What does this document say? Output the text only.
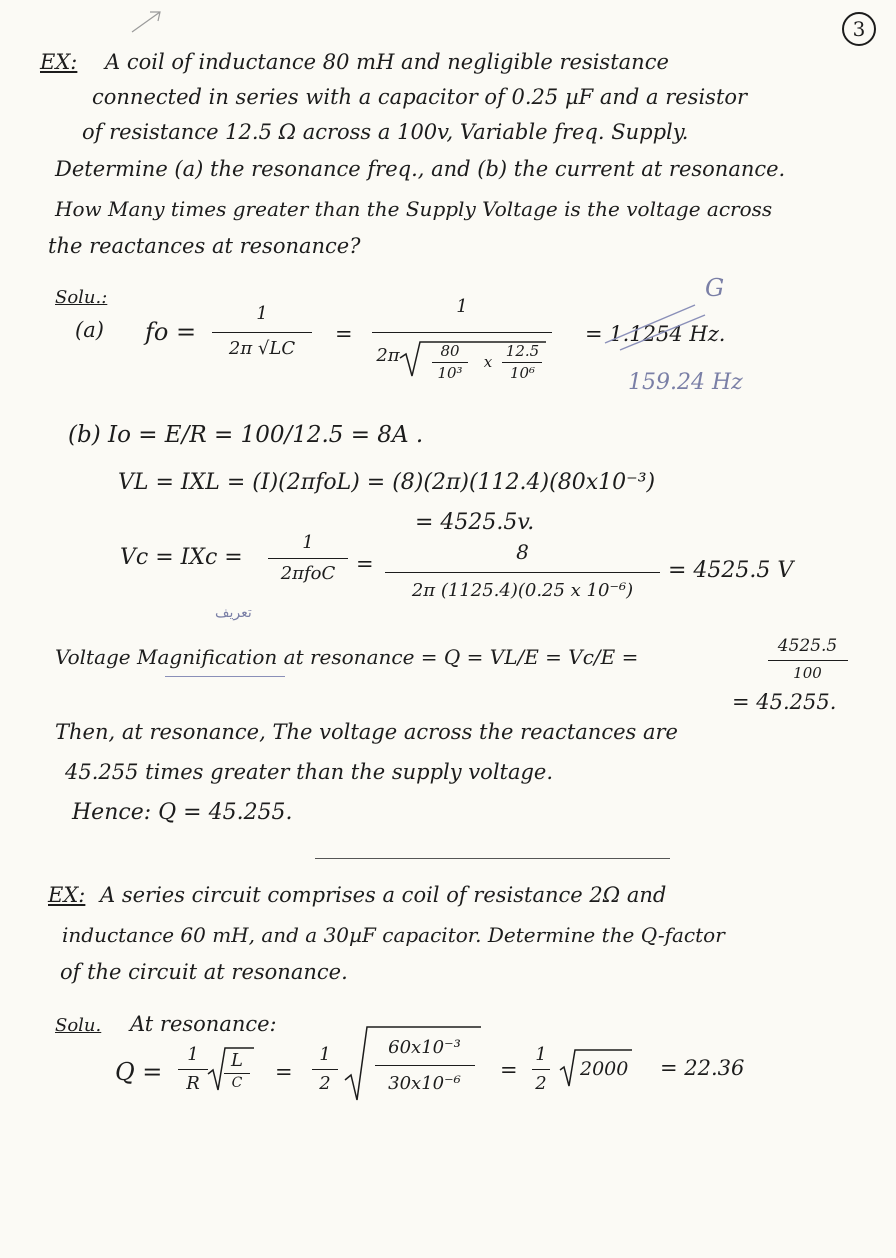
3
EX: A coil of inductance 80 mH and negligible resistance
connected in series with a capacitor of 0.25 µF and a resistor
of resistance 12.5 Ω across a 100v, Variable freq. Supply.
Determine (a) the resonance freq., and (b) the current at resonance.
How Many times greater than the Supply Voltage is the voltage across
the reactances at resonance?
Solu.:
(a) fo =
1
2π √LC
=
1
2π	80
10³
x
12.5
10⁶
= 1.1254 Hz.
G
159.24 Hz
(b) Io = E/R = 100/12.5 = 8A .
VL = IXL = (I)(2πfoL) = (8)(2π)(112.4)(80x10⁻³)
= 4525.5v.
Vc = IXc =
1
2πfoC =	8
2π (1125.4)(0.25 x 10⁻⁶)
= 4525.5 V
تعريف
Voltage Magnification at resonance = Q = VL/E = Vc/E =	4525.5
100
= 45.255.
Then, at resonance, The voltage across the reactances are
45.255 times greater than the supply voltage.
Hence: Q = 45.255.
EX: A series circuit comprises a coil of resistance 2Ω and
inductance 60 mH, and a 30µF capacitor. Determine the Q-factor
of the circuit at resonance.
Solu. At resonance:
Q =
1
R
L
C	=
1
2
60x10⁻³
30x10⁻⁶
=
1
2
2000 = 22.36
